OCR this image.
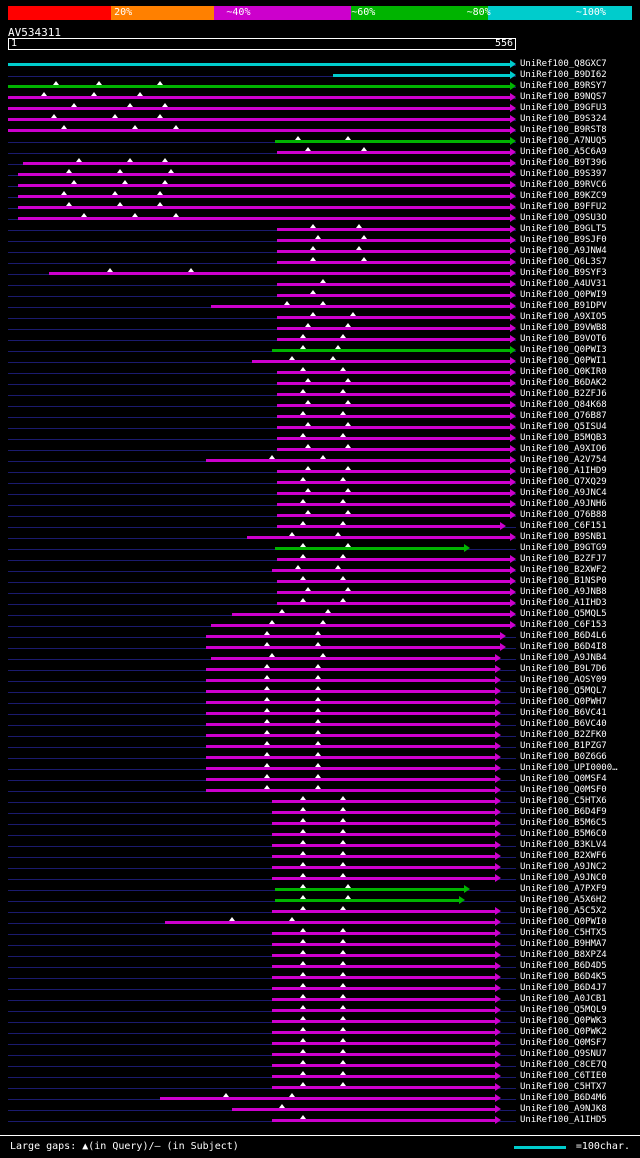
20%	~40%	~60%	~80%	~100%
AV534311
1	556
UniRef100_Q8GXC7
UniRef100_B9DI62
UniRef100_B9RSY7
UniRef100_B9NQS7
UniRef100_B9GFU3
UniRef100_B9S324
UniRef100_B9RST8
UniRef100_A7NUQ5
UniRef100_A5C6A9
UniRef100_B9T396
UniRef100_B9S397
UniRef100_B9RVC6
UniRef100_B9KZC9
UniRef100_B9FFU2
UniRef100_Q9SU3O
UniRef100_B9GLT5
UniRef100_B9SJF0
UniRef100_A9JNW4
UniRef100_Q6L3S7
UniRef100_B9SYF3
UniRef100_A4UV31
UniRef100_Q0PWI9
UniRef100_B91DPV
UniRef100_A9XIO5
UniRef100_B9VWB8
UniRef100_B9VOT6
UniRef100_Q0PWI3
UniRef100_Q0PWI1
UniRef100_Q0KIR0
UniRef100_B6DAK2
UniRef100_B2ZFJ6
UniRef100_Q84K68
UniRef100_Q76B87
UniRef100_Q5ISU4
UniRef100_B5MQB3
UniRef100_A9XIO6
UniRef100_A2V754
UniRef100_A1IHD9
UniRef100_Q7XQ29
UniRef100_A9JNC4
UniRef100_A9JNH6
UniRef100_Q76B88
UniRef100_C6F151
UniRef100_B9SNB1
UniRef100_B9GTG9
UniRef100_B2ZFJ7
UniRef100_B2XWF2
UniRef100_B1NSP0
UniRef100_A9JNB8
UniRef100_A1IHD3
UniRef100_Q5MQL5
UniRef100_C6F153
UniRef100_B6D4L6
UniRef100_B6D4I8
UniRef100_A9JNB4
UniRef100_B9L7D6
UniRef100_AOSY09
UniRef100_Q5MQL7
UniRef100_Q0PWH7
UniRef100_B6VC41
UniRef100_B6VC40
UniRef100_B2ZFK0
UniRef100_B1PZG7
UniRef100_B0Z6G6
UniRef100_UPI0000…
UniRef100_Q0MSF4
UniRef100_Q0MSF0
UniRef100_C5HTX6
UniRef100_B6D4F9
UniRef100_B5M6C5
UniRef100_B5M6C0
UniRef100_B3KLV4
UniRef100_B2XWF6
UniRef100_A9JNC2
UniRef100_A9JNC0
UniRef100_A7PXF9
UniRef100_A5X6H2
UniRef100_A5C5X2
UniRef100_Q0PWI0
UniRef100_C5HTX5
UniRef100_B9HMA7
UniRef100_B8XPZ4
UniRef100_B6D4D5
UniRef100_B6D4K5
UniRef100_B6D4J7
UniRef100_A0JCB1
UniRef100_Q5MQL9
UniRef100_Q0PWK3
UniRef100_Q0PWK2
UniRef100_Q0MSF7
UniRef100_Q9SNU7
UniRef100_C8CE7Q
UniRef100_C6TIE0
UniRef100_C5HTX7
UniRef100_B6D4M6
UniRef100_A9NJK8
UniRef100_A1IHD5
Large gaps: ▲(in Query)/– (in Subject)	=100char.
